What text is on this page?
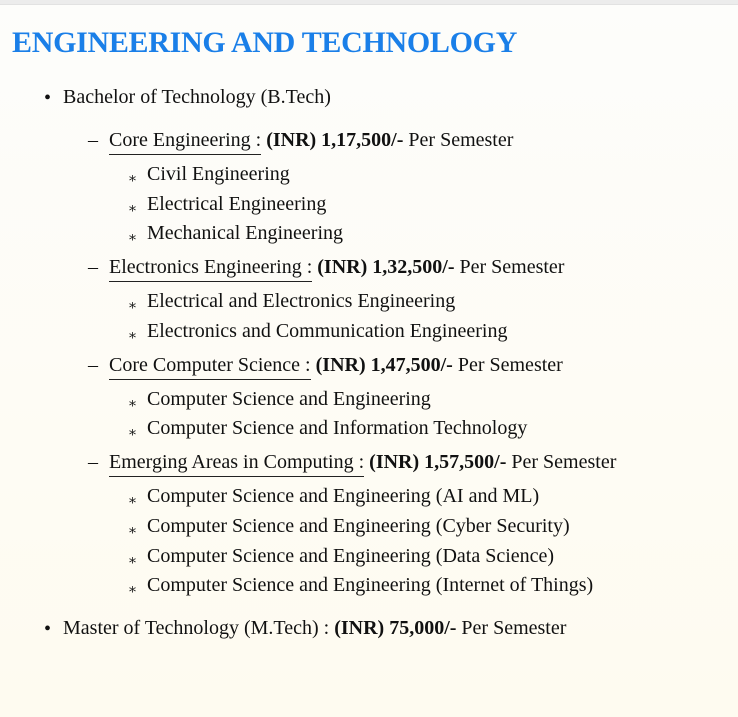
ENGINEERING AND TECHNOLOGY
• Bachelor of Technology (B.Tech)
– Core Engineering : (INR) 1,17,500/- Per Semester
⁎ Civil Engineering
⁎ Electrical Engineering
⁎ Mechanical Engineering
– Electronics Engineering : (INR) 1,32,500/- Per Semester
⁎ Electrical and Electronics Engineering
⁎ Electronics and Communication Engineering
– Core Computer Science : (INR) 1,47,500/- Per Semester
⁎ Computer Science and Engineering
⁎ Computer Science and Information Technology
– Emerging Areas in Computing : (INR) 1,57,500/- Per Semester
⁎ Computer Science and Engineering (AI and ML)
⁎ Computer Science and Engineering (Cyber Security)
⁎ Computer Science and Engineering (Data Science)
⁎ Computer Science and Engineering (Internet of Things)
• Master of Technology (M.Tech) : (INR) 75,000/- Per Semester
